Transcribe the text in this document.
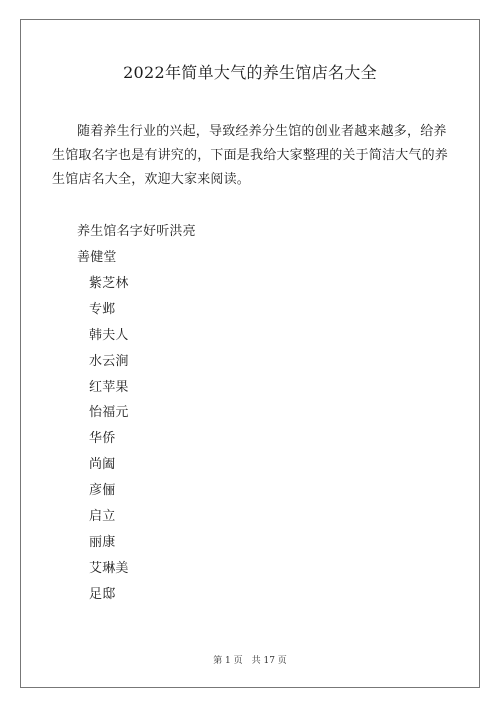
2022年简单大气的养生馆店名大全

随着养生行业的兴起，导致经养分生馆的创业者越来越多，给养生馆取名字也是有讲究的，下面是我给大家整理的关于简洁大气的养生馆店名大全，欢迎大家来阅读。

养生馆名字好听洪亮
善健堂
紫芝林
专邺
韩夫人
水云涧
红苹果
怡福元
华侨
尚阖
彦俪
启立
丽康
艾琳美
足邸
第 1 页　共 17 页
